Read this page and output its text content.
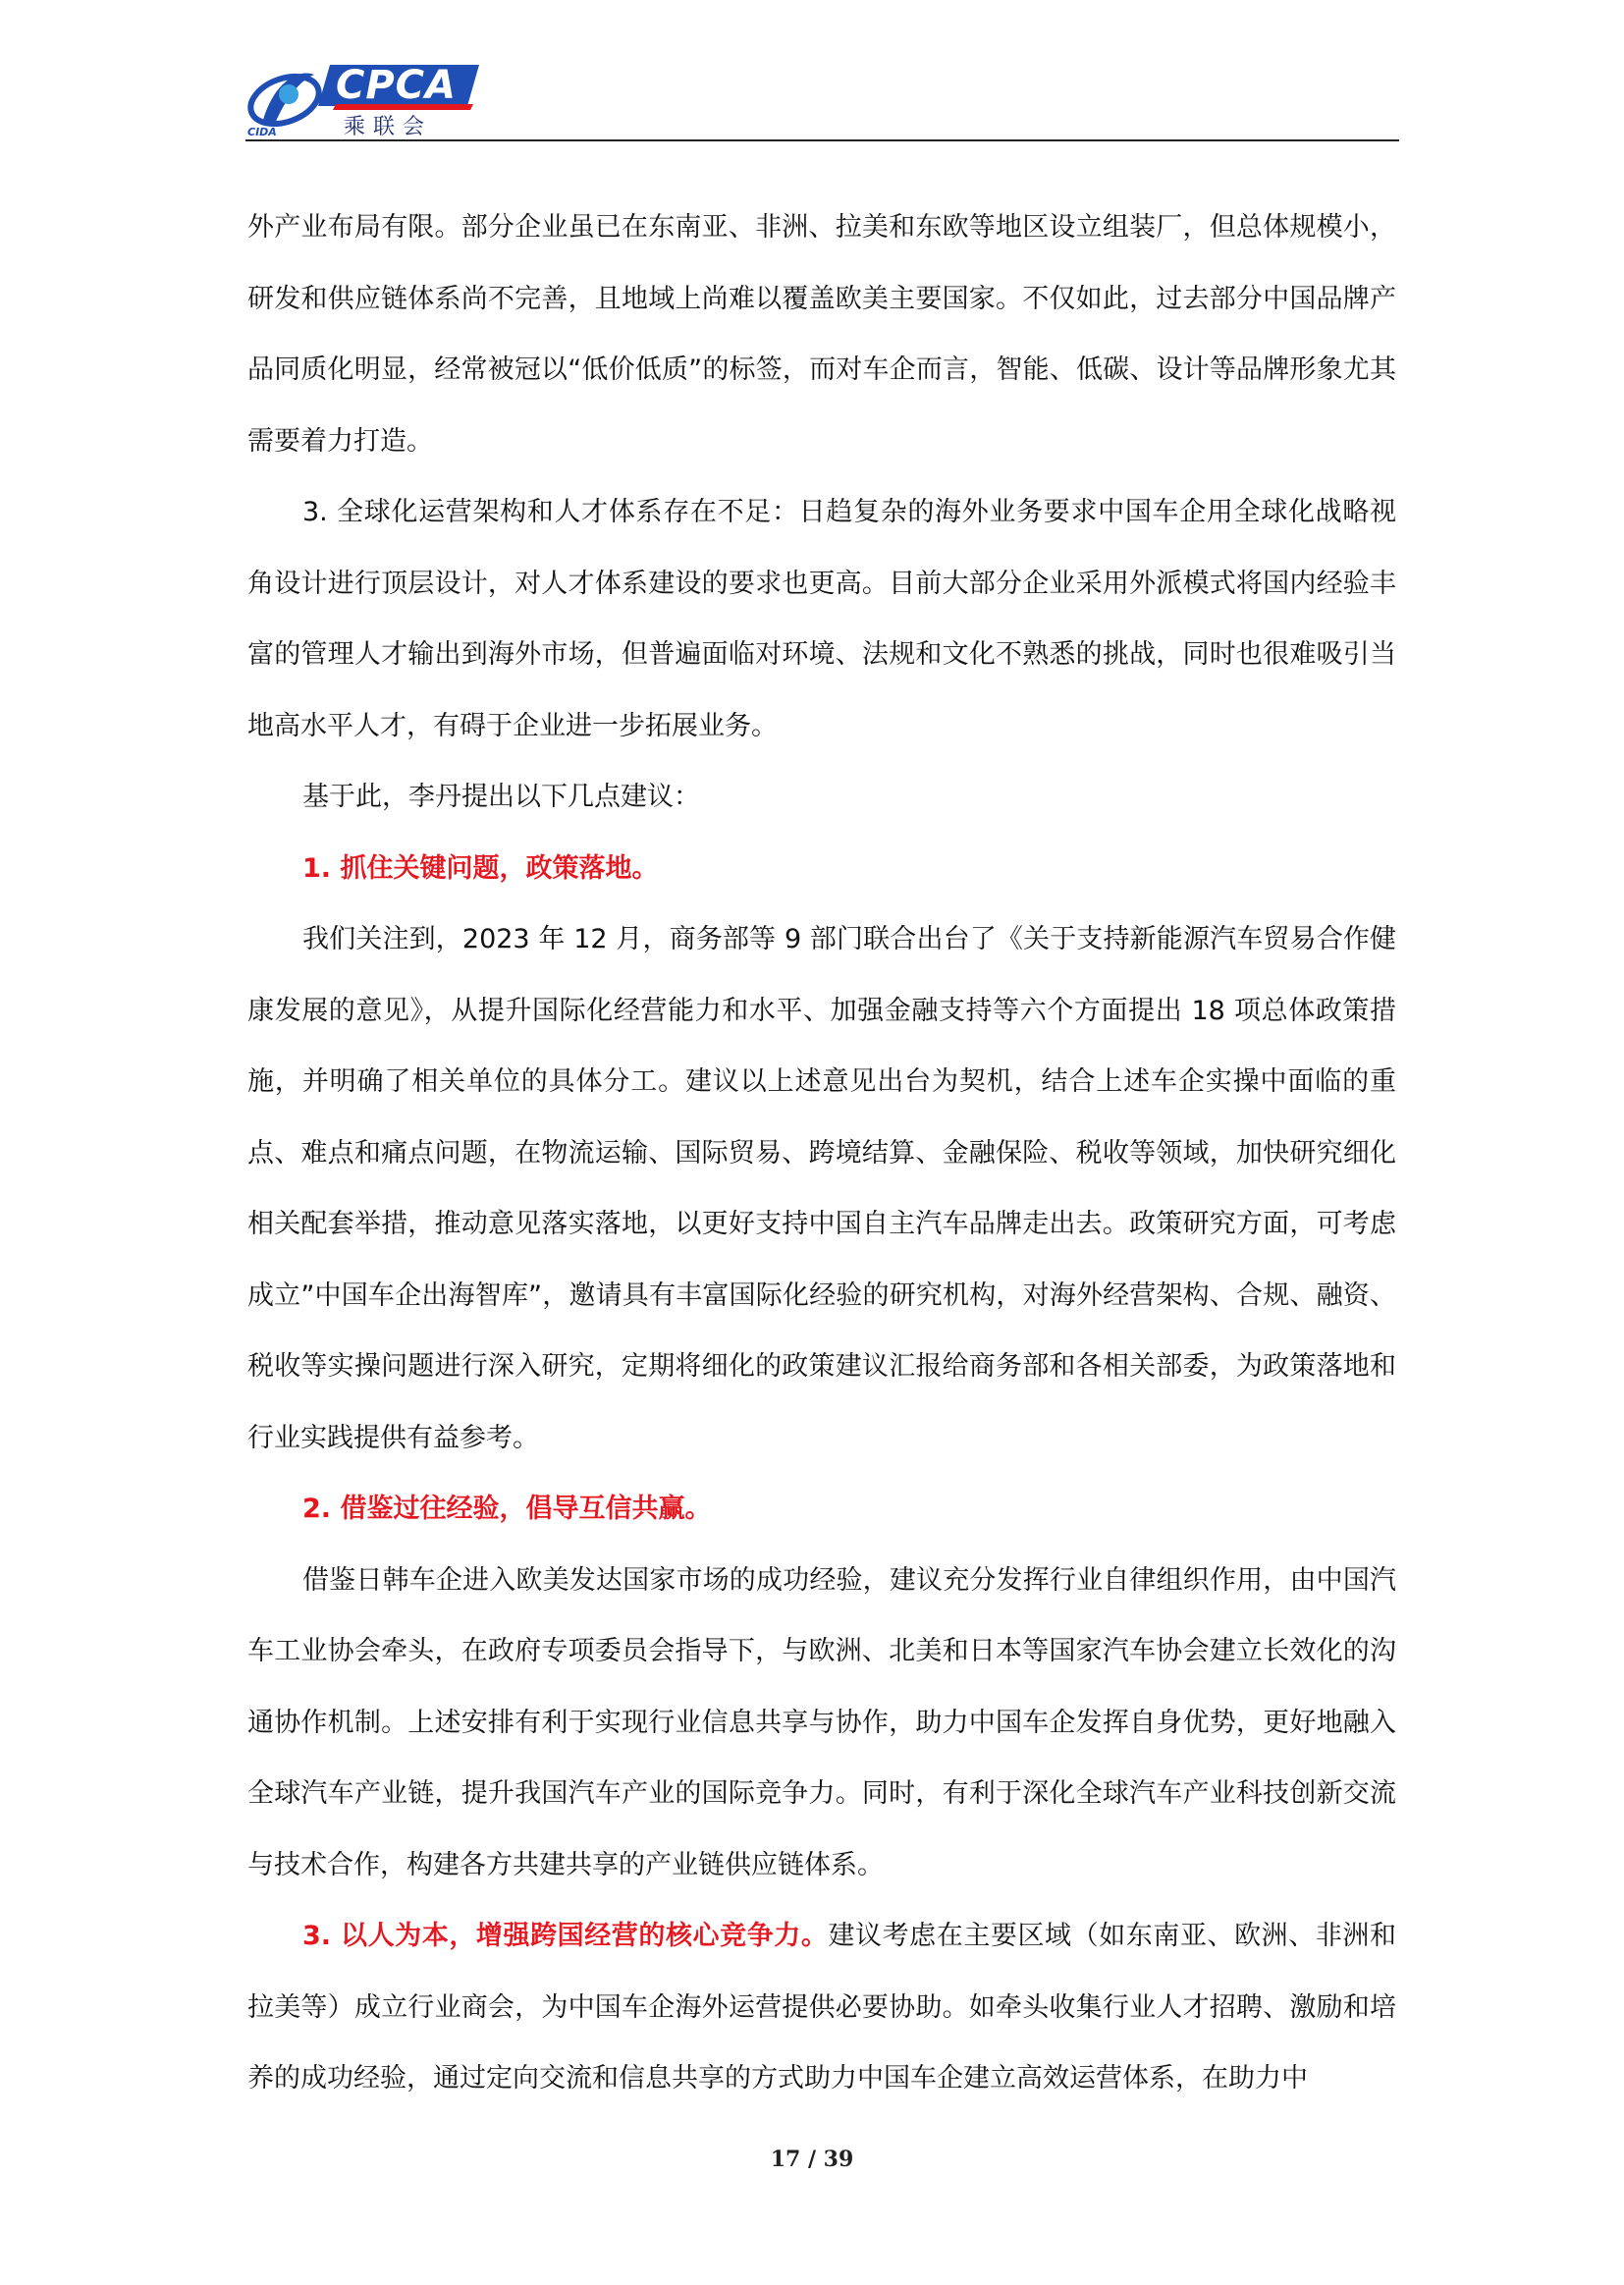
CPCA
乘联会
CIDA

外产业布局有限。部分企业虽已在东南亚、非洲、拉美和东欧等地区设立组装厂，但总体规模小，研发和供应链体系尚不完善，且地域上尚难以覆盖欧美主要国家。不仅如此，过去部分中国品牌产品同质化明显，经常被冠以“低价低质”的标签，而对车企而言，智能、低碳、设计等品牌形象尤其需要着力打造。

3. 全球化运营架构和人才体系存在不足：日趋复杂的海外业务要求中国车企用全球化战略视角设计进行顶层设计，对人才体系建设的要求也更高。目前大部分企业采用外派模式将国内经验丰富的管理人才输出到海外市场，但普遍面临对环境、法规和文化不熟悉的挑战，同时也很难吸引当地高水平人才，有碍于企业进一步拓展业务。

基于此，李丹提出以下几点建议：

1. 抓住关键问题，政策落地。

我们关注到，2023 年 12 月，商务部等 9 部门联合出台了《关于支持新能源汽车贸易合作健康发展的意见》，从提升国际化经营能力和水平、加强金融支持等六个方面提出 18 项总体政策措施，并明确了相关单位的具体分工。建议以上述意见出台为契机，结合上述车企实操中面临的重点、难点和痛点问题，在物流运输、国际贸易、跨境结算、金融保险、税收等领域，加快研究细化相关配套举措，推动意见落实落地，以更好支持中国自主汽车品牌走出去。政策研究方面，可考虑成立”中国车企出海智库”，邀请具有丰富国际化经验的研究机构，对海外经营架构、合规、融资、税收等实操问题进行深入研究，定期将细化的政策建议汇报给商务部和各相关部委，为政策落地和行业实践提供有益参考。

2. 借鉴过往经验，倡导互信共赢。

借鉴日韩车企进入欧美发达国家市场的成功经验，建议充分发挥行业自律组织作用，由中国汽车工业协会牵头，在政府专项委员会指导下，与欧洲、北美和日本等国家汽车协会建立长效化的沟通协作机制。上述安排有利于实现行业信息共享与协作，助力中国车企发挥自身优势，更好地融入全球汽车产业链，提升我国汽车产业的国际竞争力。同时，有利于深化全球汽车产业科技创新交流与技术合作，构建各方共建共享的产业链供应链体系。

3. 以人为本，增强跨国经营的核心竞争力。建议考虑在主要区域（如东南亚、欧洲、非洲和拉美等）成立行业商会，为中国车企海外运营提供必要协助。如牵头收集行业人才招聘、激励和培养的成功经验，通过定向交流和信息共享的方式助力中国车企建立高效运营体系，在助力中

17 / 39
